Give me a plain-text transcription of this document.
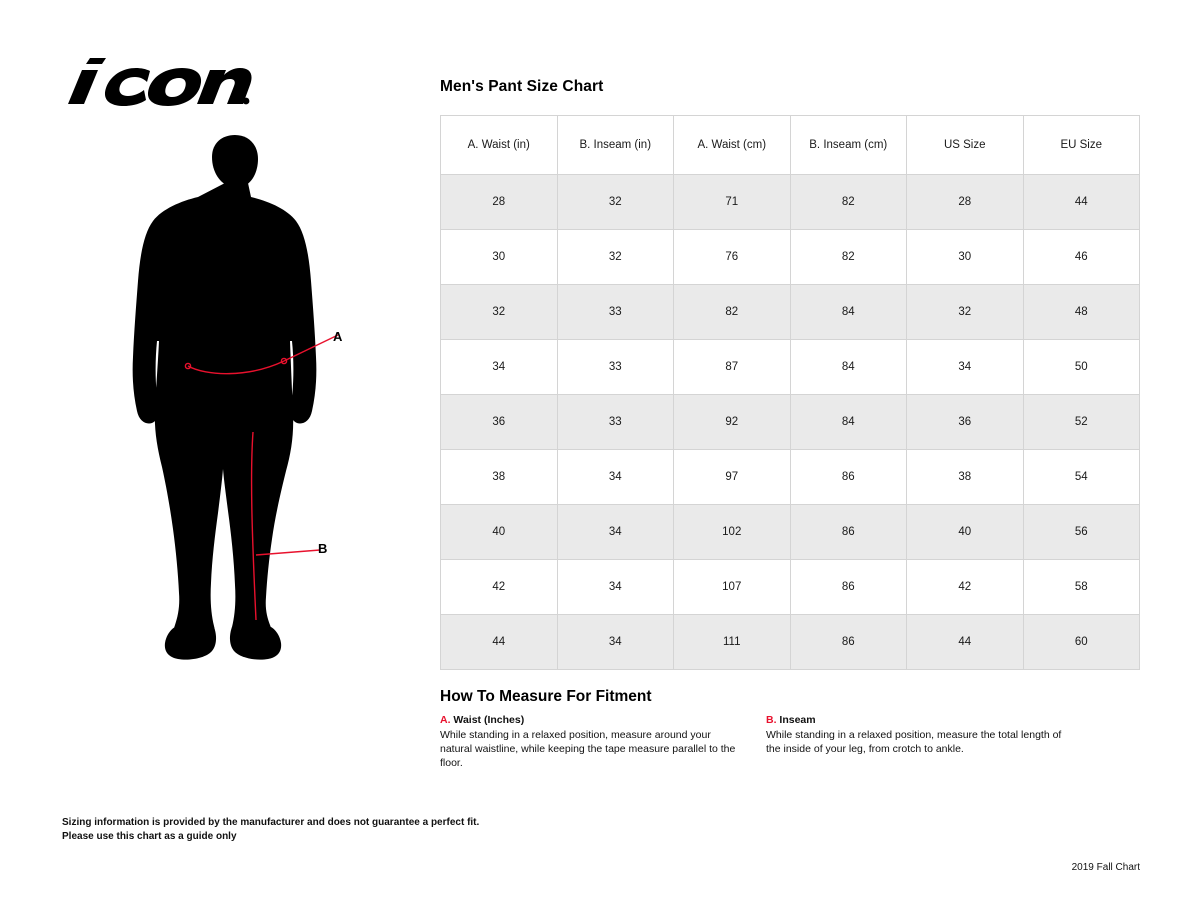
A
B
Men's Pant Size Chart
A. Waist (in)	B. Inseam (in)	A. Waist (cm)	B. Inseam (cm)	US Size	EU Size
28	32	71	82	28	44
30	32	76	82	30	46
32	33	82	84	32	48
34	33	87	84	34	50
36	33	92	84	36	52
38	34	97	86	38	54
40	34	102	86	40	56
42	34	107	86	42	58
44	34	111	86	44	60
How To Measure For Fitment
A. Waist (Inches)
While standing in a relaxed position, measure around your natural waistline, while keeping the tape measure parallel to the floor.
B. Inseam
While standing in a relaxed position, measure the total length of the inside of your leg, from crotch to ankle.
Sizing information is provided by the manufacturer and does not guarantee a perfect fit.
Please use this chart as a guide only
2019 Fall Chart
